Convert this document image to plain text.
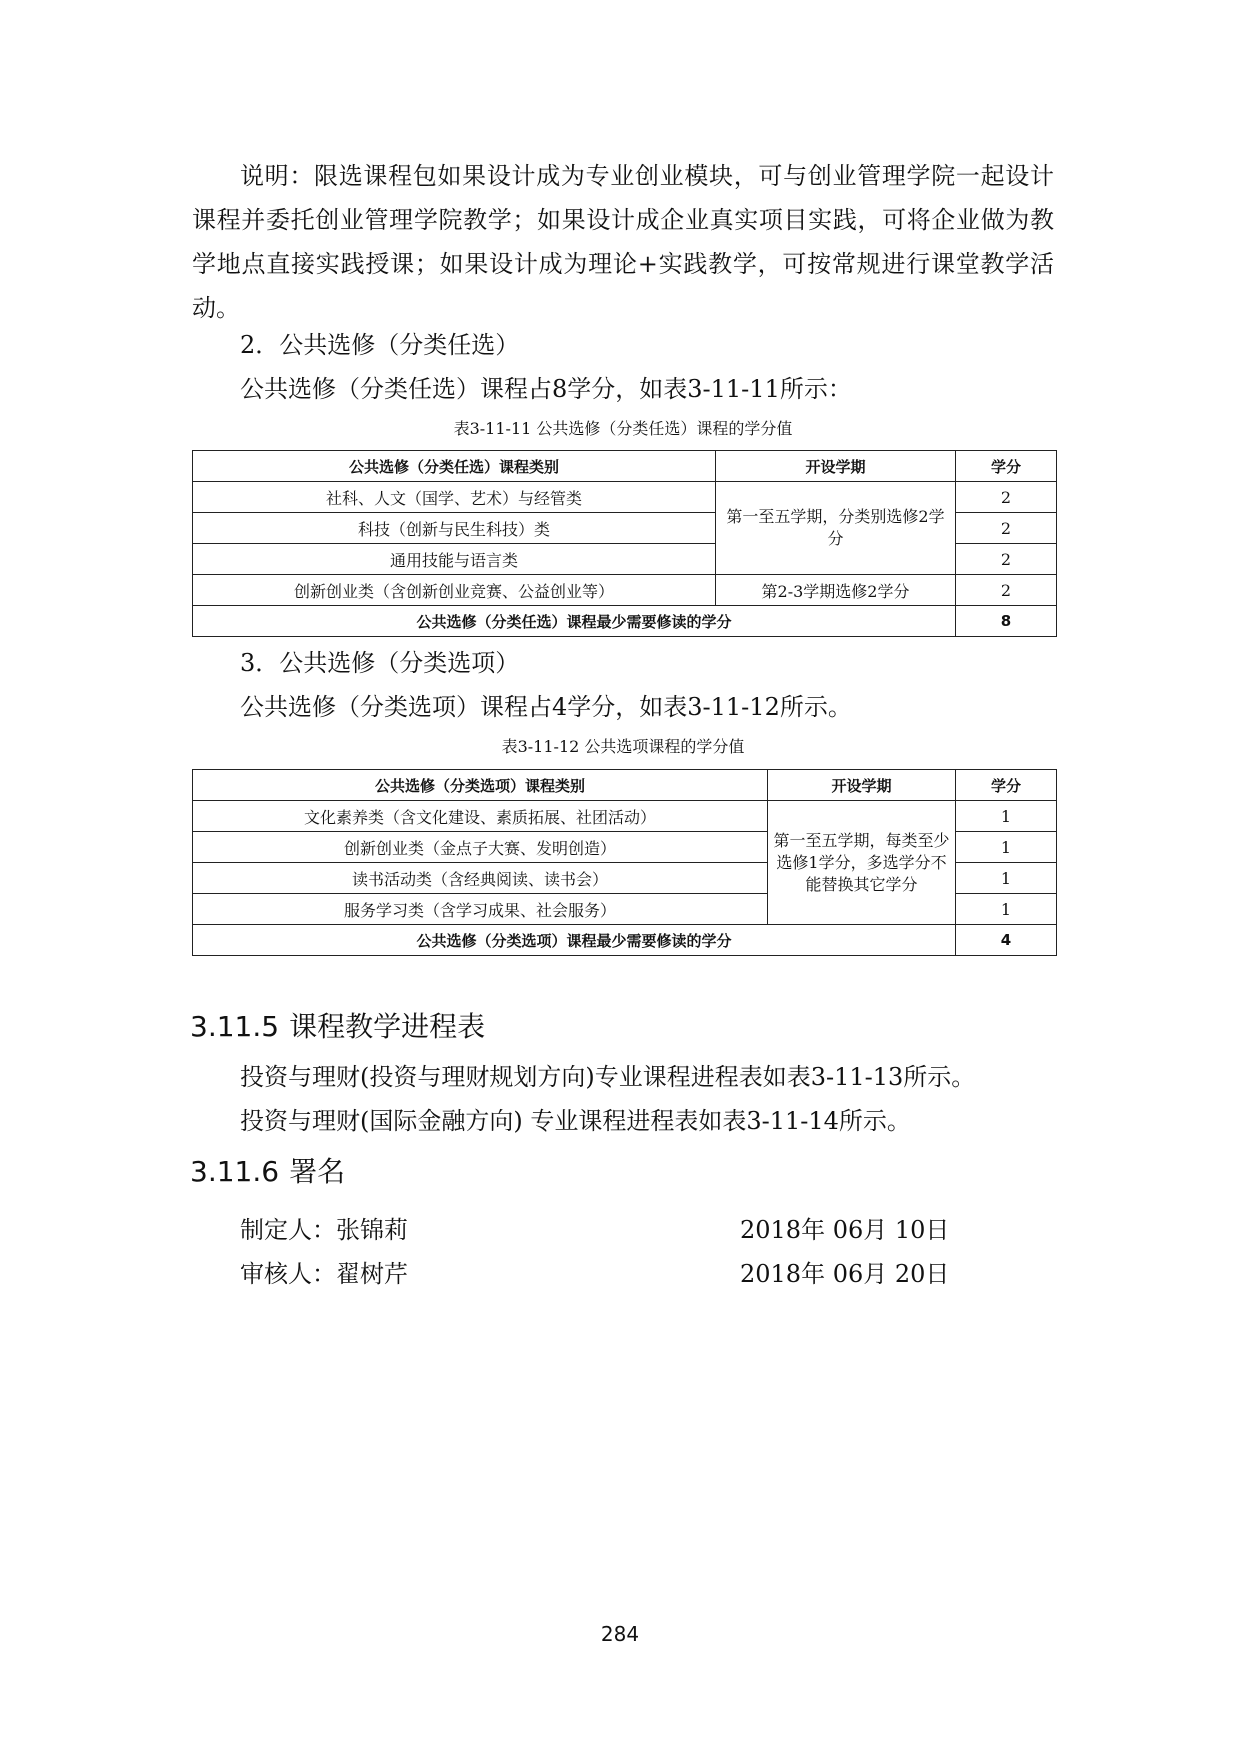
说明：限选课程包如果设计成为专业创业模块，可与创业管理学院一起设计课程并委托创业管理学院教学；如果设计成企业真实项目实践，可将企业做为教学地点直接实践授课；如果设计成为理论+实践教学，可按常规进行课堂教学活动。

2．公共选修（分类任选）

公共选修（分类任选）课程占8学分，如表3-11-11所示：

表3-11-11 公共选修（分类任选）课程的学分值

公共选修（分类任选）课程类别	开设学期	学分
社科、人文（国学、艺术）与经管类	第一至五学期，分类别选修2学分	2
科技（创新与民生科技）类		2
通用技能与语言类		2
创新创业类（含创新创业竞赛、公益创业等）	第2-3学期选修2学分	2
公共选修（分类任选）课程最少需要修读的学分		8

3．公共选修（分类选项）

公共选修（分类选项）课程占4学分，如表3-11-12所示。

表3-11-12 公共选项课程的学分值

公共选修（分类选项）课程类别	开设学期	学分
文化素养类（含文化建设、素质拓展、社团活动）	第一至五学期，每类至少选修1学分，多选学分不能替换其它学分	1
创新创业类（金点子大赛、发明创造）		1
读书活动类（含经典阅读、读书会）		1
服务学习类（含学习成果、社会服务）		1
公共选修（分类选项）课程最少需要修读的学分		4
3.11.5 课程教学进程表

投资与理财(投资与理财规划方向)专业课程进程表如表3-11-13所示。

投资与理财(国际金融方向) 专业课程进程表如表3-11-14所示。

3.11.6 署名

制定人：张锦莉	2018年 06月 10日

审核人：翟树芹	2018年 06月 20日

284
